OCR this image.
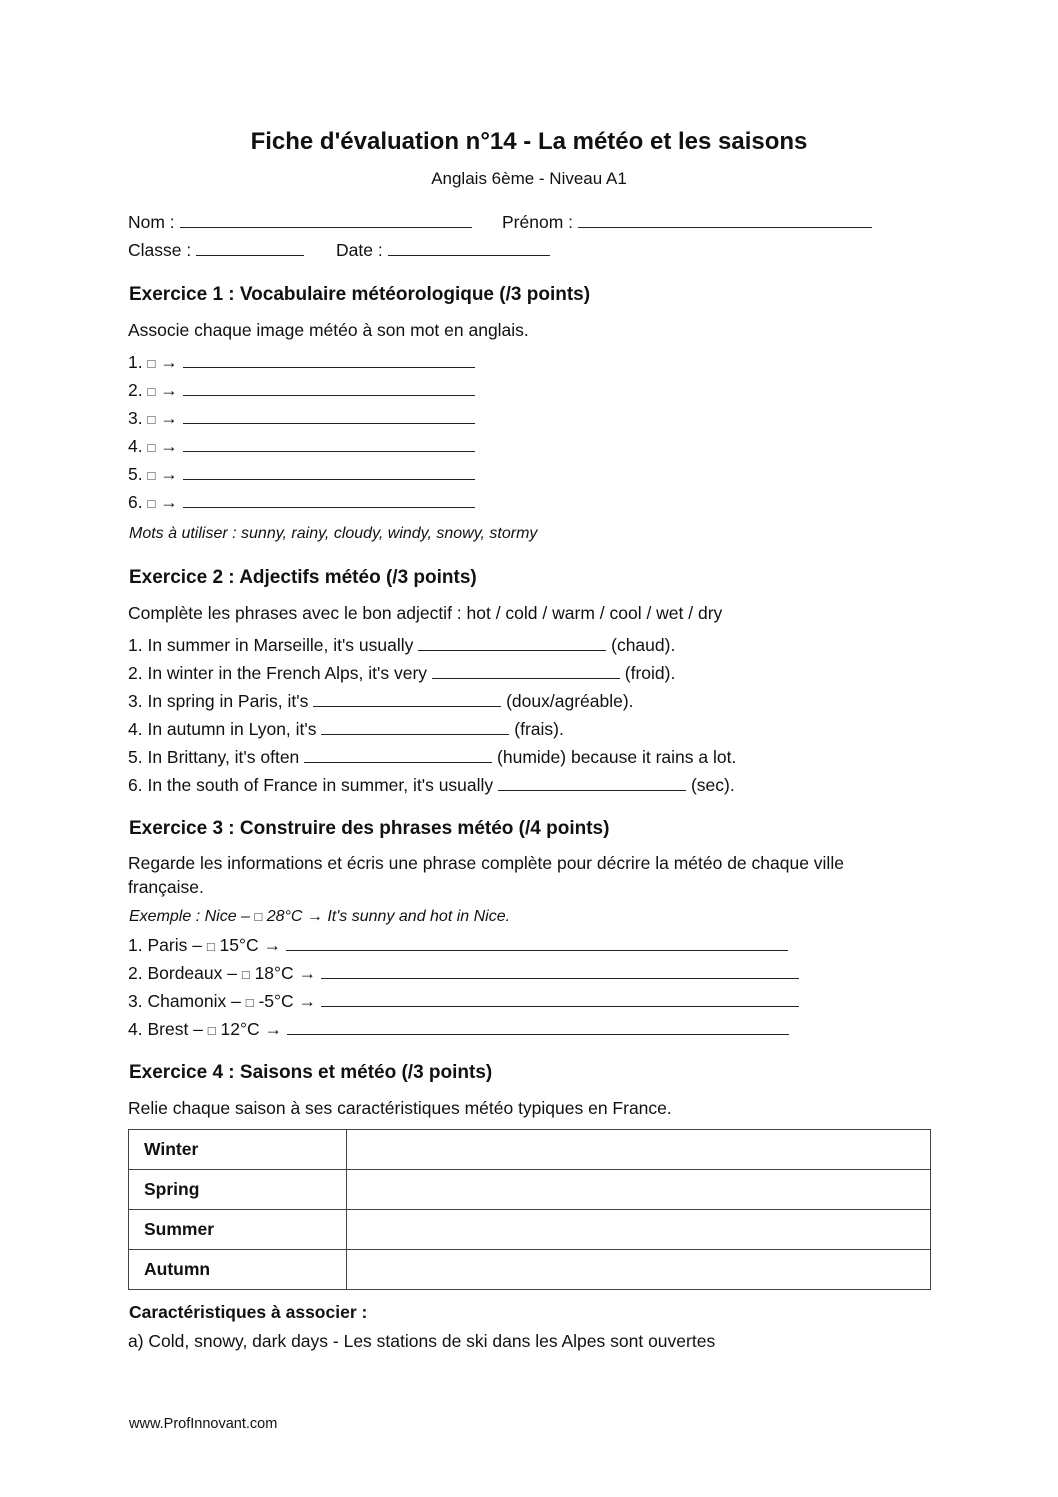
Fiche d'évaluation n°14 - La météo et les saisons
Anglais 6ème - Niveau A1
Nom :	Prénom :
Classe :	Date :
Exercice 1 : Vocabulaire météorologique (/3 points)
Associe chaque image météo à son mot en anglais.
1. □ →
2. □ →
3. □ →
4. □ →
5. □ →
6. □ →
Mots à utiliser : sunny, rainy, cloudy, windy, snowy, stormy
Exercice 2 : Adjectifs météo (/3 points)
Complète les phrases avec le bon adjectif : hot / cold / warm / cool / wet / dry
1. In summer in Marseille, it's usually	(chaud).
2. In winter in the French Alps, it's very	(froid).
3. In spring in Paris, it's	(doux/agréable).
4. In autumn in Lyon, it's	(frais).
5. In Brittany, it's often	(humide) because it rains a lot.
6. In the south of France in summer, it's usually	(sec).
Exercice 3 : Construire des phrases météo (/4 points)
Regarde les informations et écris une phrase complète pour décrire la météo de chaque ville
française.
Exemple : Nice – □ 28°C → It's sunny and hot in Nice.
1. Paris – □ 15°C →
2. Bordeaux – □ 18°C →
3. Chamonix – □ -5°C →
4. Brest – □ 12°C →
Exercice 4 : Saisons et météo (/3 points)
Relie chaque saison à ses caractéristiques météo typiques en France.
Winter	
Spring	
Summer	
Autumn	
Caractéristiques à associer :
a) Cold, snowy, dark days - Les stations de ski dans les Alpes sont ouvertes
www.ProfInnovant.com
